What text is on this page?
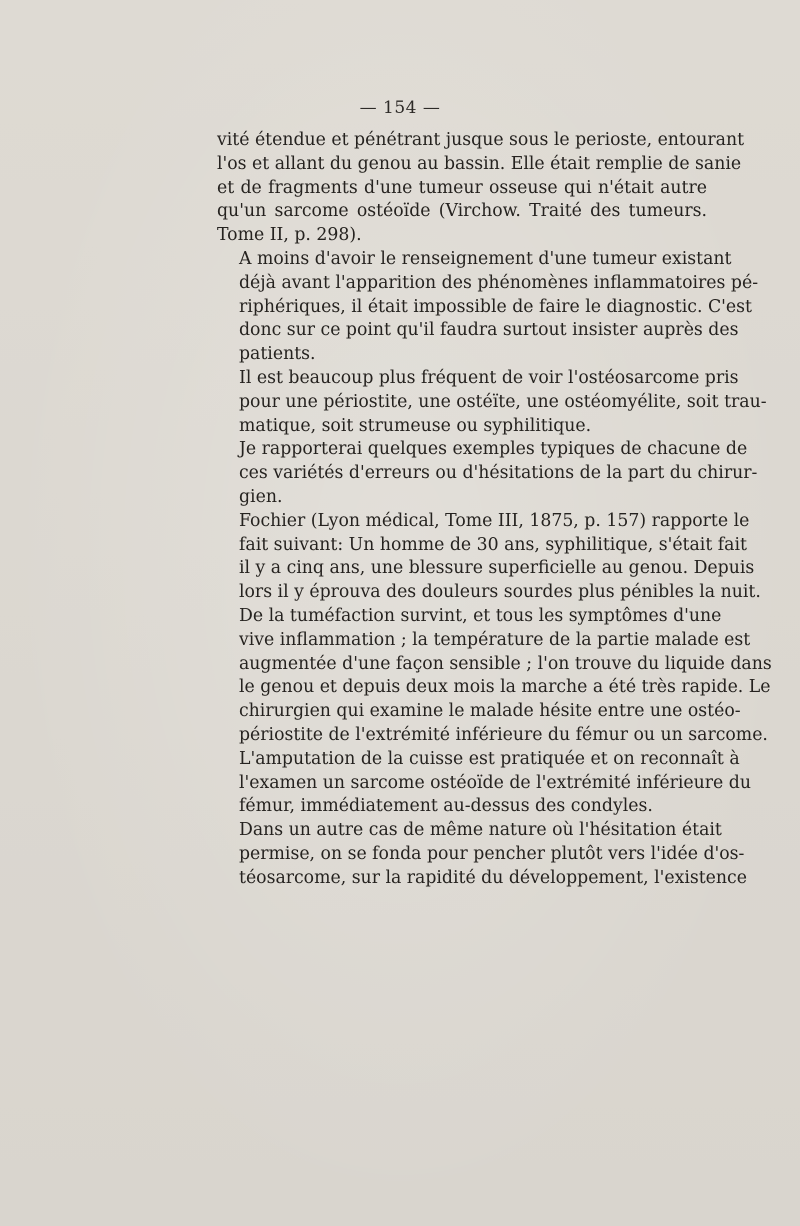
— 154 —

vité étendue et pénétrant jusque sous le perioste, entourant
l'os et allant du genou au bassin. Elle était remplie de sanie
et de fragments d'une tumeur osseuse qui n'était autre
qu'un sarcome ostéoïde (Virchow. Traité des tumeurs.
Tome II, p. 298).

A moins d'avoir le renseignement d'une tumeur existant
déjà avant l'apparition des phénomènes inflammatoires pé-
riphériques, il était impossible de faire le diagnostic. C'est
donc sur ce point qu'il faudra surtout insister auprès des
patients.

Il est beaucoup plus fréquent de voir l'ostéosarcome pris
pour une périostite, une ostéïte, une ostéomyélite, soit trau-
matique, soit strumeuse ou syphilitique.

Je rapporterai quelques exemples typiques de chacune de
ces variétés d'erreurs ou d'hésitations de la part du chirur-
gien.

Fochier (Lyon médical, Tome III, 1875, p. 157) rapporte le
fait suivant: Un homme de 30 ans, syphilitique, s'était fait
il y a cinq ans, une blessure superficielle au genou. Depuis
lors il y éprouva des douleurs sourdes plus pénibles la nuit.
De la tuméfaction survint, et tous les symptômes d'une
vive inflammation ; la température de la partie malade est
augmentée d'une façon sensible ; l'on trouve du liquide dans
le genou et depuis deux mois la marche a été très rapide. Le
chirurgien qui examine le malade hésite entre une ostéo-
périostite de l'extrémité inférieure du fémur ou un sarcome.
L'amputation de la cuisse est pratiquée et on reconnaît à
l'examen un sarcome ostéoïde de l'extrémité inférieure du
fémur, immédiatement au-dessus des condyles.

Dans un autre cas de même nature où l'hésitation était
permise, on se fonda pour pencher plutôt vers l'idée d'os-
téosarcome, sur la rapidité du développement, l'existence
